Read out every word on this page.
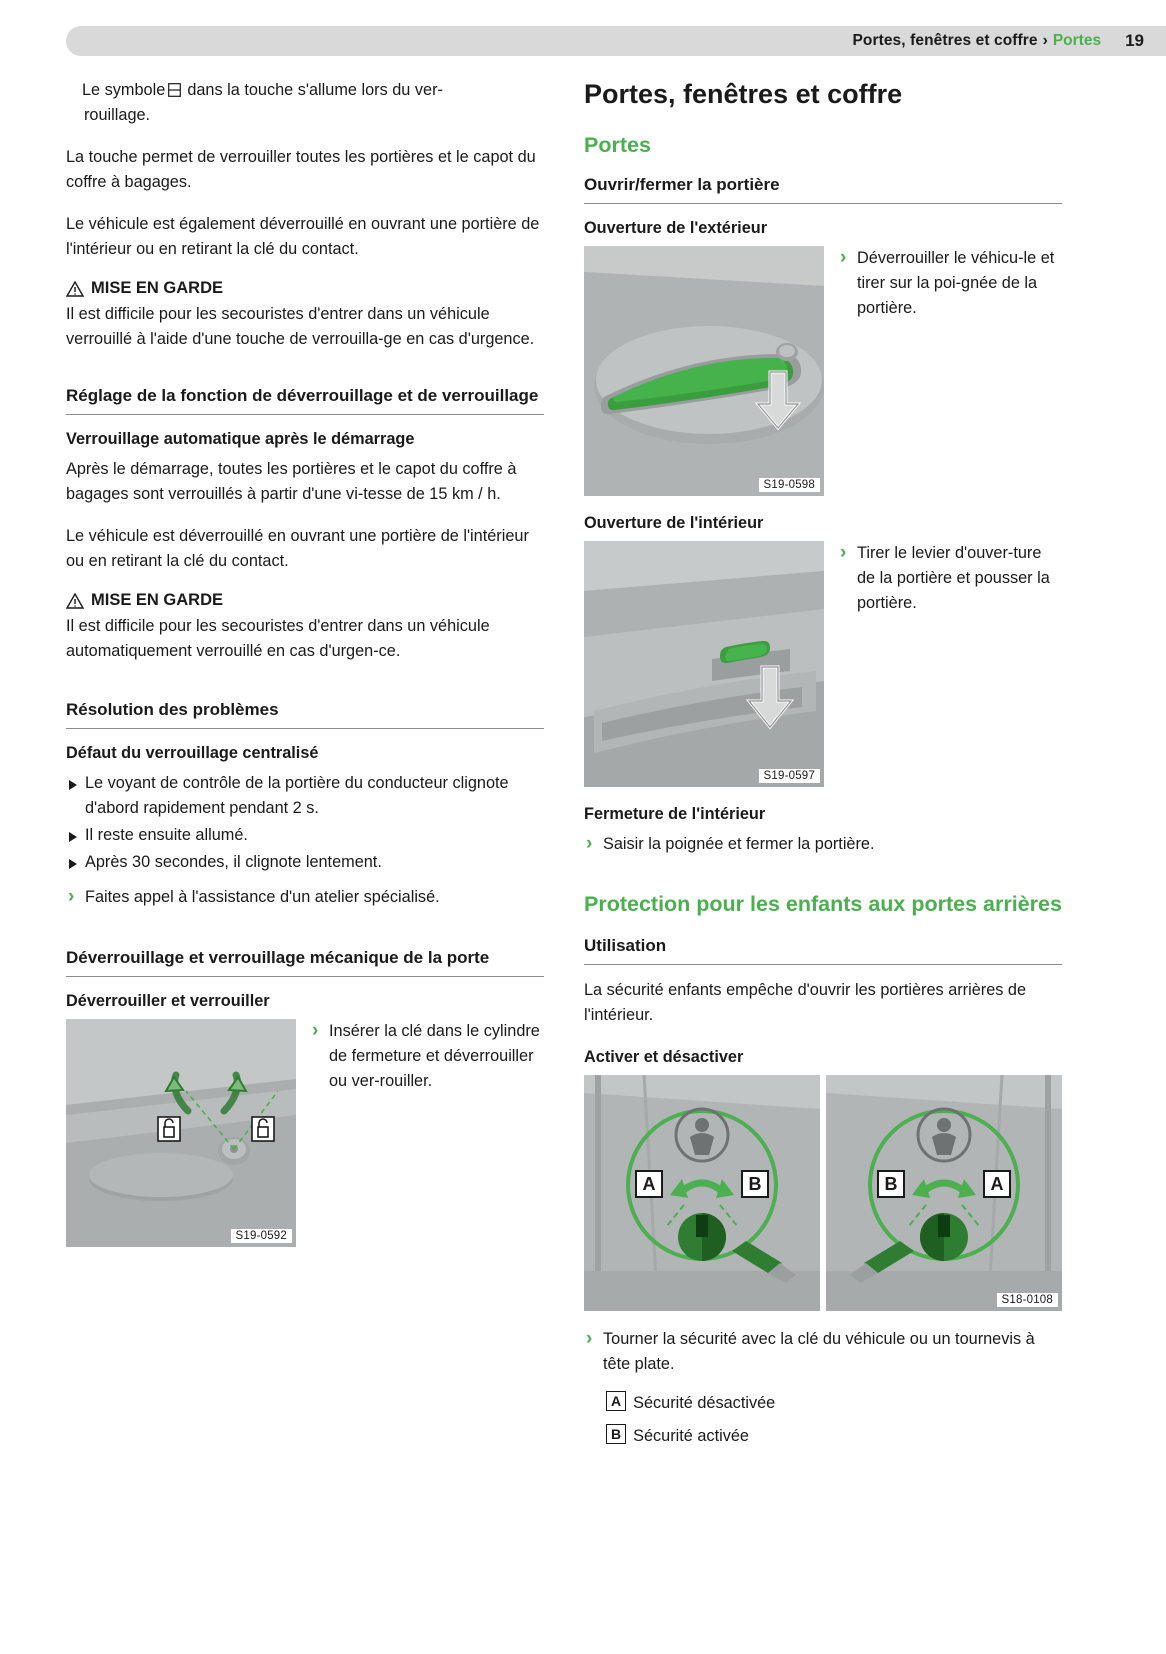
Portes, fenêtres et coffre › Portes 19

Le symbole  dans la touche s'allume lors du ver-
rouillage.

La touche permet de verrouiller toutes les portières et le capot du coffre à bagages.

Le véhicule est également déverrouillé en ouvrant une portière de l'intérieur ou en retirant la clé du contact.

MISE EN GARDE

Il est difficile pour les secouristes d'entrer dans un véhicule verrouillé à l'aide d'une touche de verrouilla-ge en cas d'urgence.

Réglage de la fonction de déverrouillage et de verrouillage
Verrouillage automatique après le démarrage

Après le démarrage, toutes les portières et le capot du coffre à bagages sont verrouillés à partir d'une vi-tesse de 15 km / h.

Le véhicule est déverrouillé en ouvrant une portière de l'intérieur ou en retirant la clé du contact.

MISE EN GARDE

Il est difficile pour les secouristes d'entrer dans un véhicule automatiquement verrouillé en cas d'urgen-ce.

Résolution des problèmes
Défaut du verrouillage centralisé
Le voyant de contrôle de la portière du conducteur clignote d'abord rapidement pendant 2 s.
Il reste ensuite allumé.
Après 30 secondes, il clignote lentement.
› Faites appel à l'assistance d'un atelier spécialisé.
Déverrouillage et verrouillage mécanique de la porte
Déverrouiller et verrouiller
S19-0592
› Insérer la clé dans le cylindre de fermeture et déverrouiller ou ver-rouiller.
Portes, fenêtres et coffre
Portes
Ouvrir/fermer la portière
Ouverture de l'extérieur
S19-0598
› Déverrouiller le véhicu-le et tirer sur la poi-gnée de la portière.
Ouverture de l'intérieur
S19-0597
› Tirer le levier d'ouver-ture de la portière et pousser la portière.
Fermeture de l'intérieur
› Saisir la poignée et fermer la portière.
Protection pour les enfants aux portes arrières
Utilisation

La sécurité enfants empêche d'ouvrir les portières arrières de l'intérieur.

Activer et désactiver
A	B	B	A
S18-0108
› Tourner la sécurité avec la clé du véhicule ou un tournevis à tête plate.
A Sécurité désactivée
B Sécurité activée
